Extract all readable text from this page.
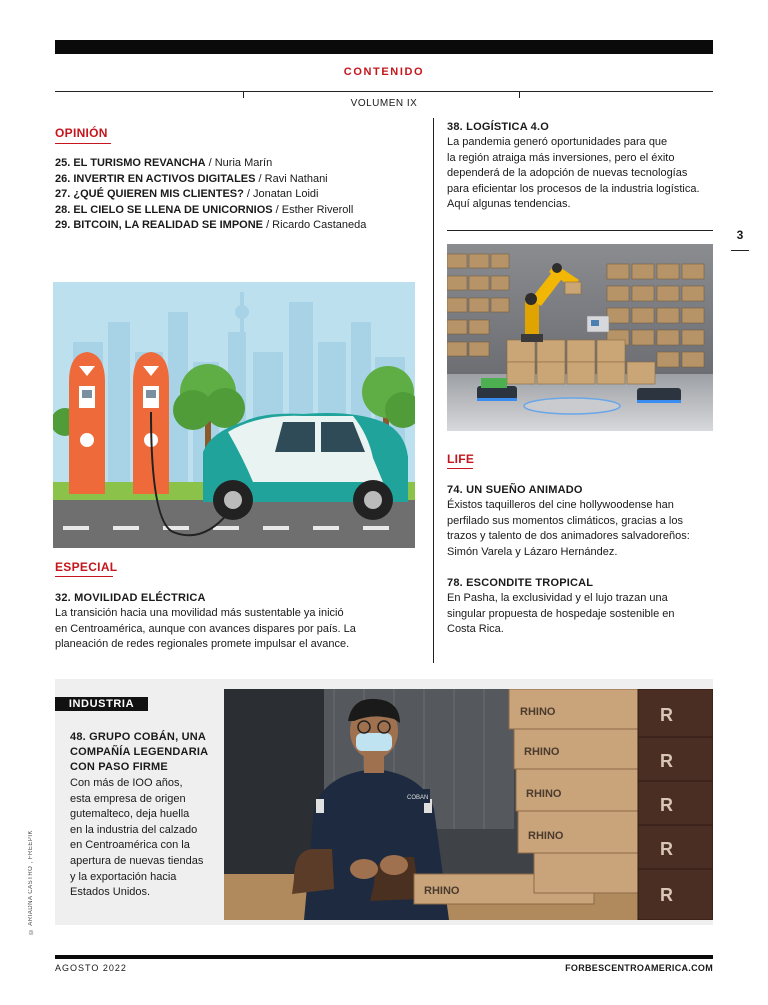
CONTENIDO
VOLUMEN IX
OPINIÓN
25. EL TURISMO REVANCHA / Nuria Marín
26. INVERTIR EN ACTIVOS DIGITALES / Ravi Nathani
27. ¿QUÉ QUIEREN MIS CLIENTES? / Jonatan Loidi
28. EL CIELO SE LLENA DE UNICORNIOS / Esther Riveroll
29. BITCOIN, LA REALIDAD SE IMPONE / Ricardo Castaneda
38. LOGÍSTICA 4.O
La pandemia generó oportunidades para que
la región atraiga más inversiones, pero el éxito
dependerá de la adopción de nuevas tecnologías
para eficientar los procesos de la industria logística.
Aquí algunas tendencias.
3
ESPECIAL
32. MOVILIDAD ELÉCTRICA
La transición hacia una movilidad más sustentable ya inició
en Centroamérica, aunque con avances dispares por país. La
planeación de redes regionales promete impulsar el avance.
LIFE
74. UN SUEÑO ANIMADO
Éxistos taquilleros del cine hollywoodense han
perfilado sus momentos climáticos, gracias a los
trazos y talento de dos animadores salvadoreños:
Simón Varela y Lázaro Hernández.
78. ESCONDITE TROPICAL
En Pasha, la exclusividad y el lujo trazan una
singular propuesta de hospedaje sostenible en
Costa Rica.
INDUSTRIA
48. GRUPO COBÁN, UNA
COMPAÑÍA LEGENDARIA
CON PASO FIRME
Con más de IOO años,
esta empresa de origen
gutemalteco, deja huella
en la industria del calzado
en Centroamérica con la
apertura de nuevas tiendas
y la exportación hacia
Estados Unidos.
COBAN
RHINO
RHINO
RHINO
RHINO
RHINO
R
R
R
R
R
© ARIADNA CASTRO , FREEPIK
AGOSTO 2022	FORBESCENTROAMERICA.COM
